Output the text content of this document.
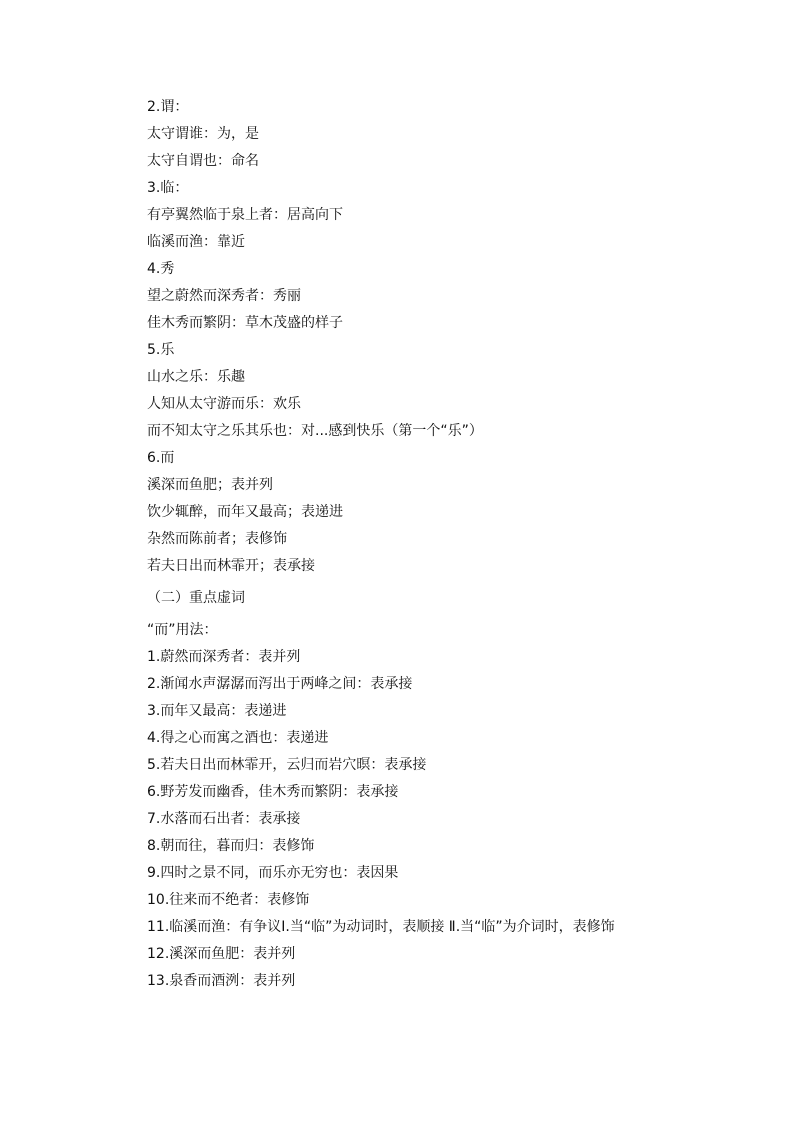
2.谓：
太守谓谁：为，是
太守自谓也：命名
3.临：
有亭翼然临于泉上者：居高向下
临溪而渔：靠近
4.秀
望之蔚然而深秀者：秀丽
佳木秀而繁阴：草木茂盛的样子
5.乐
山水之乐：乐趣
人知从太守游而乐：欢乐
而不知太守之乐其乐也：对...感到快乐（第一个“乐”）
6.而
溪深而鱼肥；表并列
饮少辄醉，而年又最高；表递进
杂然而陈前者；表修饰
若夫日出而林霏开；表承接
（二）重点虚词
“而”用法：
1.蔚然而深秀者：表并列
2.渐闻水声潺潺而泻出于两峰之间：表承接
3.而年又最高：表递进
4.得之心而寓之酒也：表递进
5.若夫日出而林霏开，云归而岩穴暝：表承接
6.野芳发而幽香，佳木秀而繁阴：表承接
7.水落而石出者：表承接
8.朝而往，暮而归：表修饰
9.四时之景不同，而乐亦无穷也：表因果
10.往来而不绝者：表修饰
11.临溪而渔：有争议Ⅰ.当“临”为动词时，表顺接 Ⅱ.当“临”为介词时，表修饰
12.溪深而鱼肥：表并列
13.泉香而酒洌：表并列
